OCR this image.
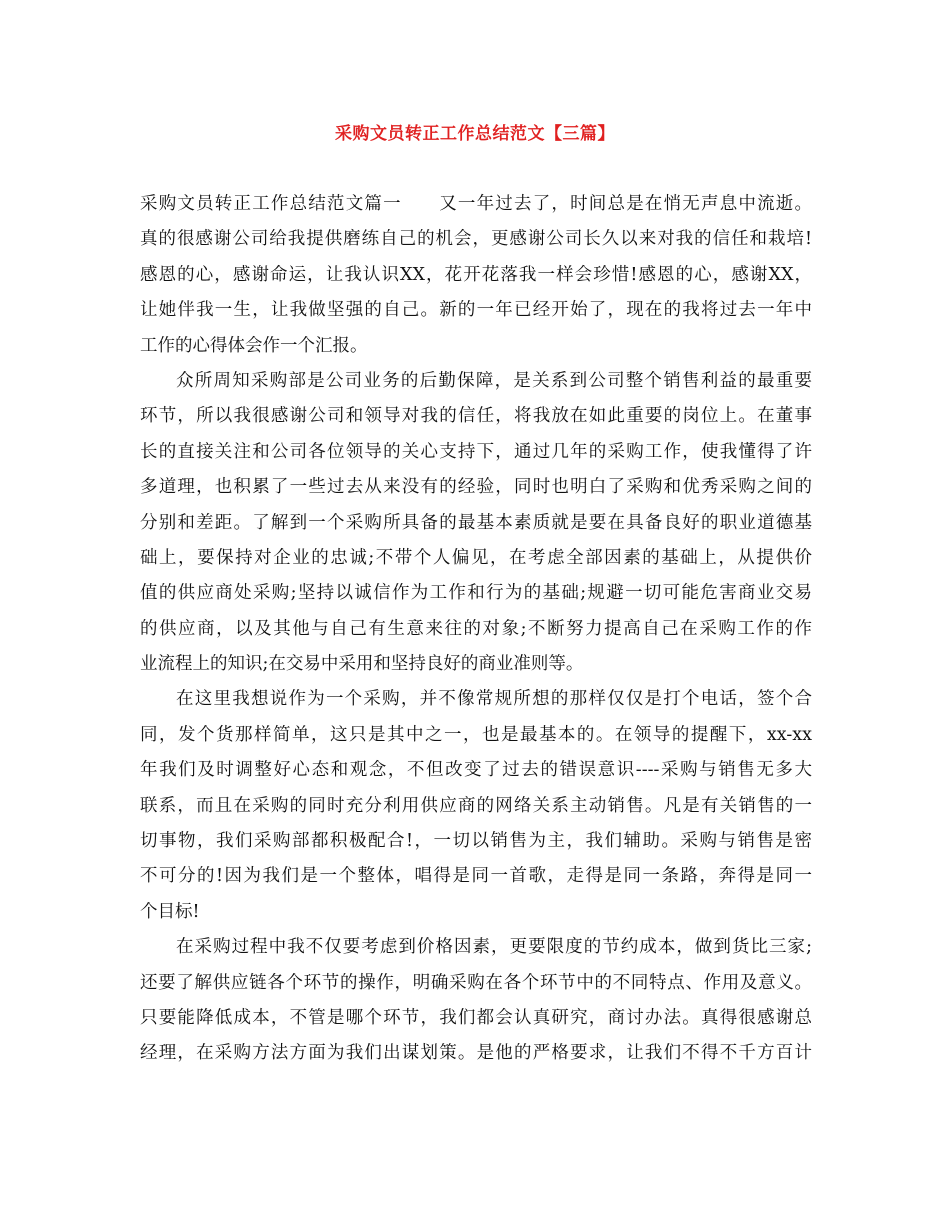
采购文员转正工作总结范文【三篇】
采购文员转正工作总结范文篇一　　又一年过去了，时间总是在悄无声息中流逝。
真的很感谢公司给我提供磨练自己的机会，更感谢公司长久以来对我的信任和栽培!
感恩的心，感谢命运，让我认识XX，花开花落我一样会珍惜!感恩的心，感谢XX，
让她伴我一生，让我做坚强的自己。新的一年已经开始了，现在的我将过去一年中
工作的心得体会作一个汇报。
众所周知采购部是公司业务的后勤保障，是关系到公司整个销售利益的最重要
环节，所以我很感谢公司和领导对我的信任，将我放在如此重要的岗位上。在董事
长的直接关注和公司各位领导的关心支持下，通过几年的采购工作，使我懂得了许
多道理，也积累了一些过去从来没有的经验，同时也明白了采购和优秀采购之间的
分别和差距。了解到一个采购所具备的最基本素质就是要在具备良好的职业道德基
础上，要保持对企业的忠诚;不带个人偏见，在考虑全部因素的基础上，从提供价
值的供应商处采购;坚持以诚信作为工作和行为的基础;规避一切可能危害商业交易
的供应商，以及其他与自己有生意来往的对象;不断努力提高自己在采购工作的作
业流程上的知识;在交易中采用和坚持良好的商业准则等。
在这里我想说作为一个采购，并不像常规所想的那样仅仅是打个电话，签个合
同，发个货那样简单，这只是其中之一，也是最基本的。在领导的提醒下，xx-xx
年我们及时调整好心态和观念，不但改变了过去的错误意识----采购与销售无多大
联系，而且在采购的同时充分利用供应商的网络关系主动销售。凡是有关销售的一
切事物，我们采购部都积极配合!，一切以销售为主，我们辅助。采购与销售是密
不可分的!因为我们是一个整体，唱得是同一首歌，走得是同一条路，奔得是同一
个目标!
在采购过程中我不仅要考虑到价格因素，更要限度的节约成本，做到货比三家;
还要了解供应链各个环节的操作，明确采购在各个环节中的不同特点、作用及意义。
只要能降低成本，不管是哪个环节，我们都会认真研究，商讨办法。真得很感谢总
经理，在采购方法方面为我们出谋划策。是他的严格要求，让我们不得不千方百计
